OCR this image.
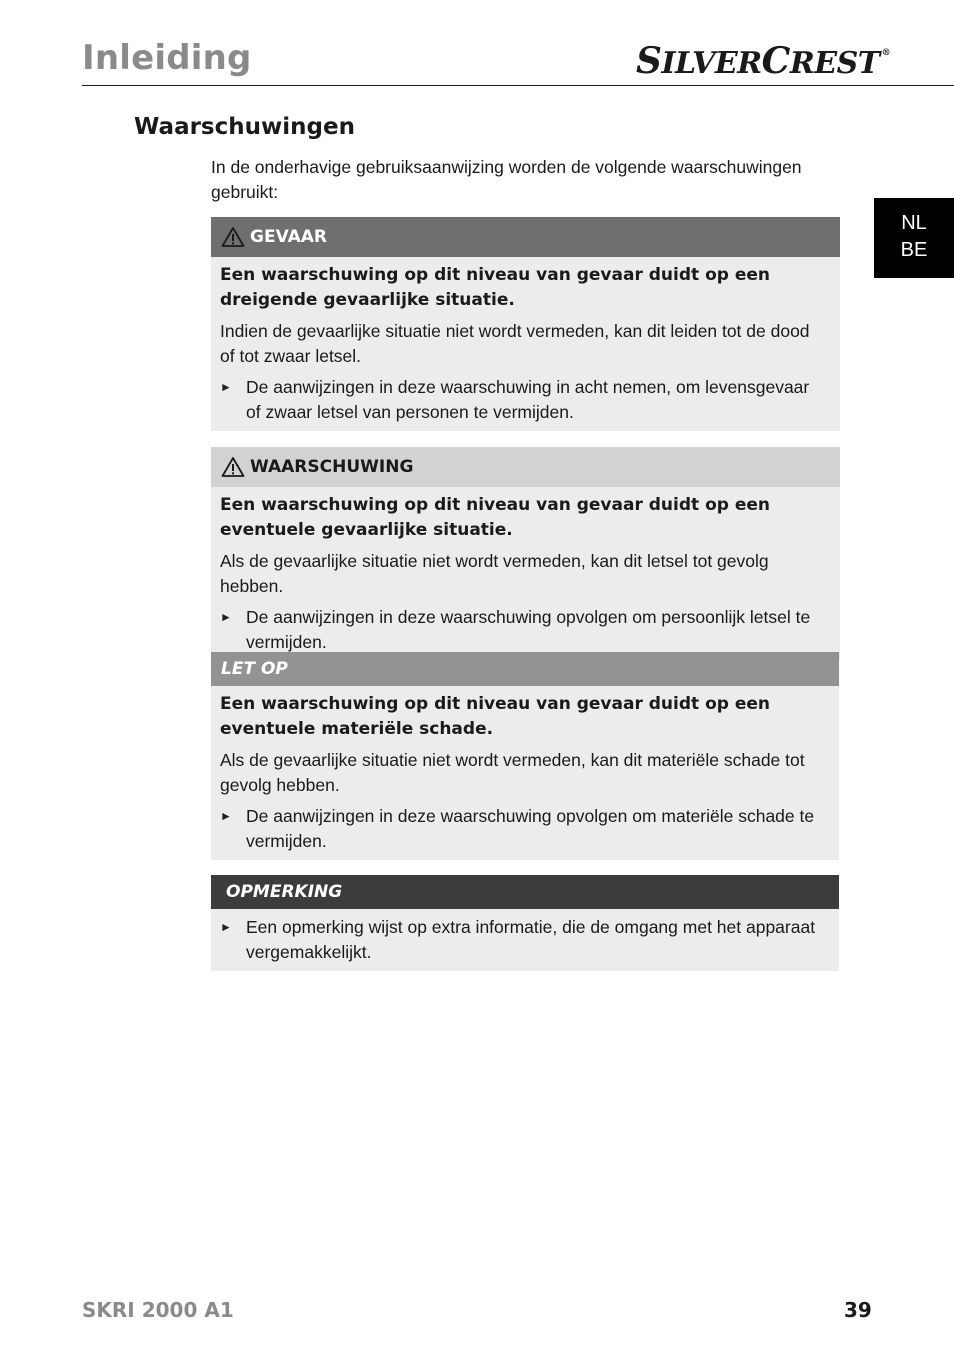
Inleiding	SILVERCREST ®
NL
BE
Waarschuwingen
In de onderhavige gebruiksaanwijzing worden de volgende waarschuwingen gebruikt:
GEVAAR

Een waarschuwing op dit niveau van gevaar duidt op een dreigende gevaarlijke situatie.

Indien de gevaarlijke situatie niet wordt vermeden, kan dit leiden tot de dood of tot zwaar letsel.

► De aanwijzingen in deze waarschuwing in acht nemen, om levensgevaar of zwaar letsel van personen te vermijden.
WAARSCHUWING

Een waarschuwing op dit niveau van gevaar duidt op een eventuele gevaarlijke situatie.

Als de gevaarlijke situatie niet wordt vermeden, kan dit letsel tot gevolg hebben.

► De aanwijzingen in deze waarschuwing opvolgen om persoonlijk letsel te vermijden.
LET OP

Een waarschuwing op dit niveau van gevaar duidt op een eventuele materiële schade.

Als de gevaarlijke situatie niet wordt vermeden, kan dit materiële schade tot gevolg hebben.

► De aanwijzingen in deze waarschuwing opvolgen om materiële schade te vermijden.
OPMERKING
► Een opmerking wijst op extra informatie, die de omgang met het apparaat vergemakkelijkt.
SKRI 2000 A1	39
